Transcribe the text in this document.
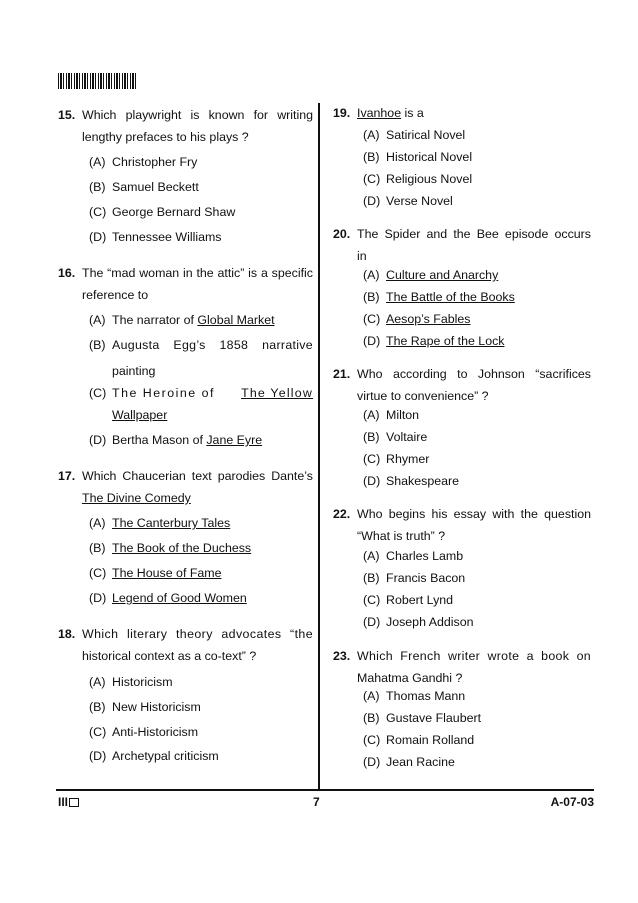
15. Which playwright is known for writing
lengthy prefaces to his plays ?
(A) Christopher Fry
(B) Samuel Beckett
(C) George Bernard Shaw
(D) Tennessee Williams
16. The “mad woman in the attic” is a specific
reference to
(A) The narrator of Global Market
(B) Augusta Egg’s 1858 narrative
painting
(C) The Heroine of The Yellow
Wallpaper
(D) Bertha Mason of Jane Eyre
17. Which Chaucerian text parodies Dante’s
The Divine Comedy
(A) The Canterbury Tales
(B) The Book of the Duchess
(C) The House of Fame
(D) Legend of Good Women
18. Which literary theory advocates “the
historical context as a co-text” ?
(A) Historicism
(B) New Historicism
(C) Anti-Historicism
(D) Archetypal criticism
19. Ivanhoe is a
(A) Satirical Novel
(B) Historical Novel
(C) Religious Novel
(D) Verse Novel
20. The Spider and the Bee episode occurs
in
(A) Culture and Anarchy
(B) The Battle of the Books
(C) Aesop’s Fables
(D) The Rape of the Lock
21. Who according to Johnson “sacrifices
virtue to convenience” ?
(A) Milton
(B) Voltaire
(C) Rhymer
(D) Shakespeare
22. Who begins his essay with the question
“What is truth” ?
(A) Charles Lamb
(B) Francis Bacon
(C) Robert Lynd
(D) Joseph Addison
23. Which French writer wrote a book on
Mahatma Gandhi ?
(A) Thomas Mann
(B) Gustave Flaubert
(C) Romain Rolland
(D) Jean Racine
III	7	A-07-03
